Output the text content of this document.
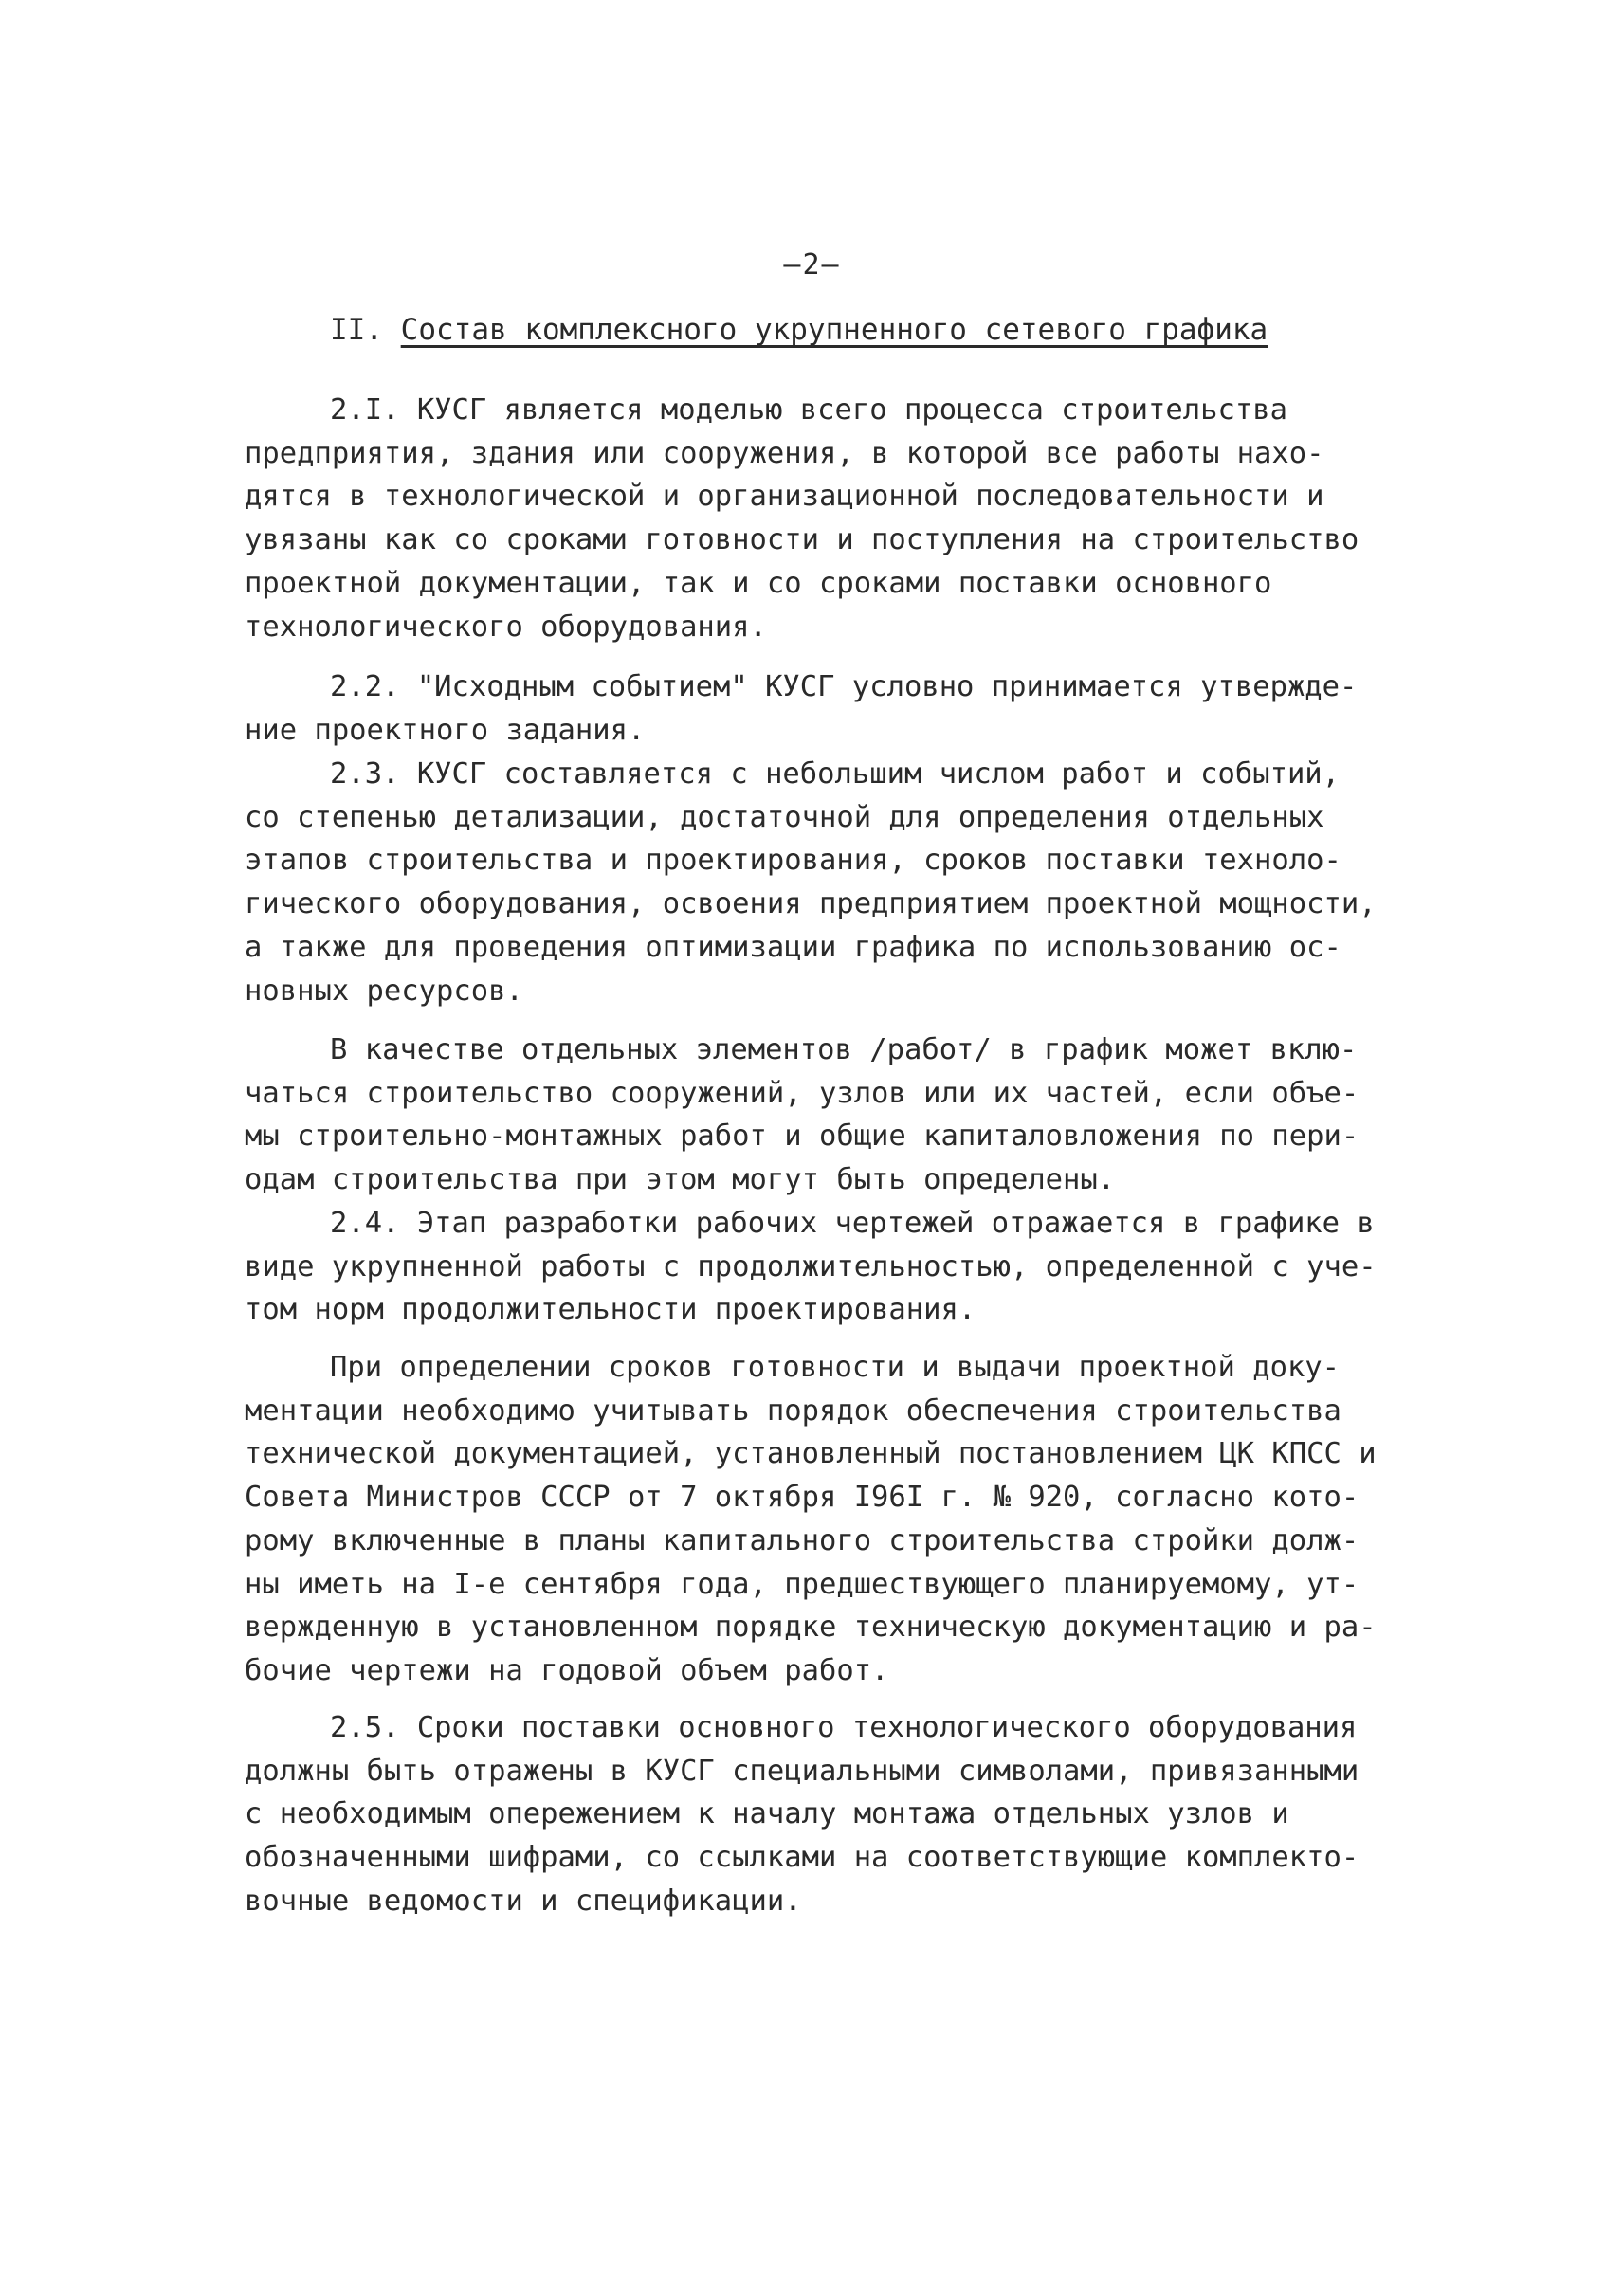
—2—
II. Состав комплексного укрупненного сетевого графика
2.I. КУСГ является моделью всего процесса строительства
предприятия, здания или сооружения, в которой все работы нахо-
дятся в технологической и организационной последовательности и
увязаны как со сроками готовности и поступления на строительство
проектной документации, так и со сроками поставки основного
технологического оборудования.
2.2. "Исходным событием" КУСГ условно принимается утвержде-
ние проектного задания.
2.3. КУСГ составляется с небольшим числом работ и событий,
со степенью детализации, достаточной для определения отдельных
этапов строительства и проектирования, сроков поставки техноло-
гического оборудования, освоения предприятием проектной мощности,
а также для проведения оптимизации графика по использованию ос-
новных ресурсов.
В качестве отдельных элементов /работ/ в график может вклю-
чаться строительство сооружений, узлов или их частей, если объе-
мы строительно-монтажных работ и общие капиталовложения по пери-
одам строительства при этом могут быть определены.
2.4. Этап разработки рабочих чертежей отражается в графике в
виде укрупненной работы с продолжительностью, определенной с уче-
том норм продолжительности проектирования.
При определении сроков готовности и выдачи проектной доку-
ментации необходимо учитывать порядок обеспечения строительства
технической документацией, установленный постановлением ЦК КПСС и
Совета Министров СССР от 7 октября I96I г. № 920, согласно кото-
рому включенные в планы капитального строительства стройки долж-
ны иметь на I-е сентября года, предшествующего планируемому, ут-
вержденную в установленном порядке техническую документацию и ра-
бочие чертежи на годовой объем работ.
2.5. Сроки поставки основного технологического оборудования
должны быть отражены в КУСГ специальными символами, привязанными
с необходимым опережением к началу монтажа отдельных узлов и
обозначенными шифрами, со ссылками на соответствующие комплекто-
вочные ведомости и спецификации.
